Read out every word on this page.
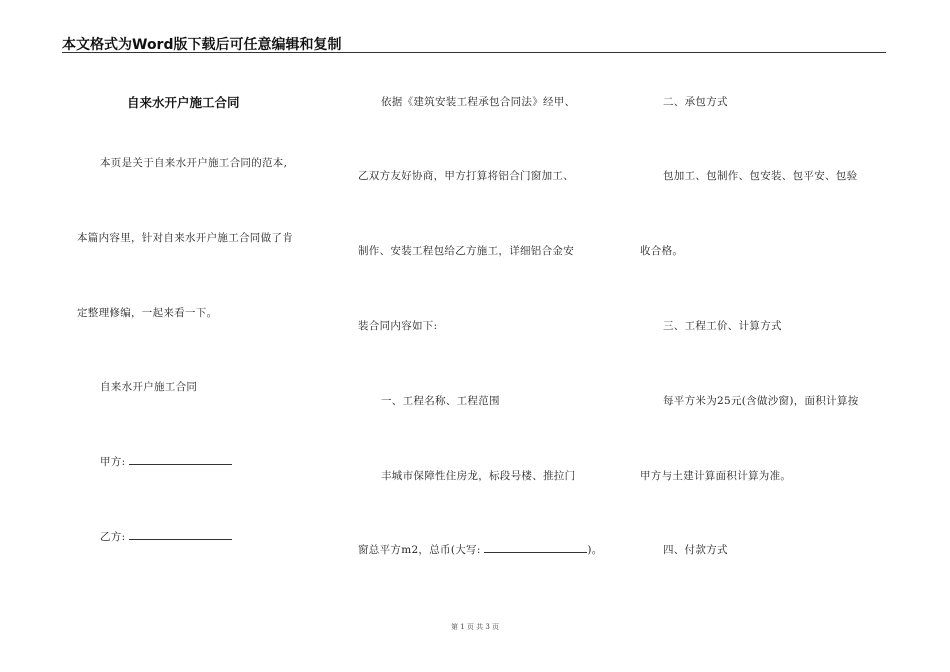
本文格式为Word版下载后可任意编辑和复制
自来水开户施工合同
本页是关于自来水开户施工合同的范本,
本篇内容里，针对自来水开户施工合同做了肯
定整理修编，一起来看一下。
自来水开户施工合同
甲方:
乙方:
依据《建筑安装工程承包合同法》经甲、
乙双方友好协商，甲方打算将铝合门窗加工、
制作、安装工程包给乙方施工，详细铝合金安
装合同内容如下:
一、工程名称、工程范围
丰城市保障性住房龙，标段号楼、推拉门
窗总平方m2，总币(大写:	)。
二、承包方式
包加工、包制作、包安装、包平安、包验
收合格。
三、工程工价、计算方式
每平方米为25元(含做沙窗)，面积计算按
甲方与土建计算面积计算为准。
四、付款方式
第 1 页 共 3 页
